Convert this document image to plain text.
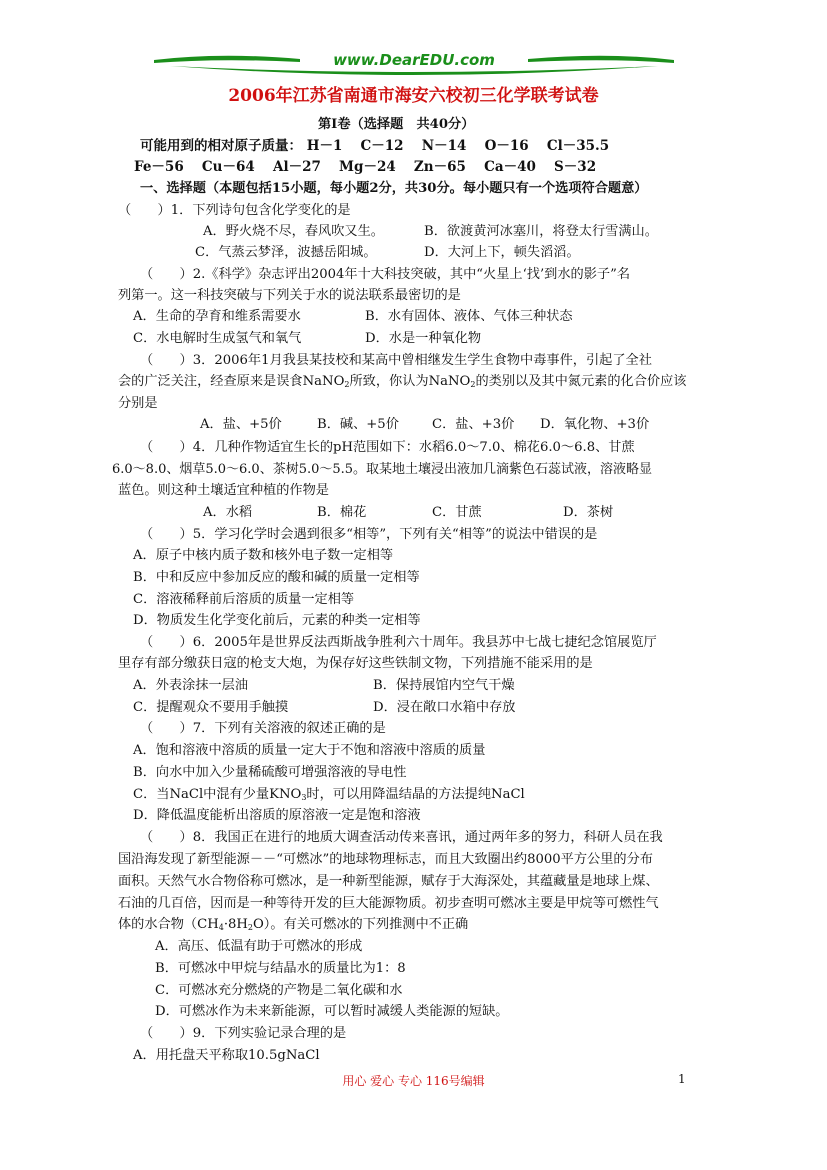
www.DearEDU.com
2006年江苏省南通市海安六校初三化学联考试卷
第Ⅰ卷（选择题　共40分）
可能用到的相对原子质量： H－1　 C－12　 N－14　 O－16　 Cl－35.5
Fe－56　 Cu－64　 Al－27　 Mg－24　 Zn－65　 Ca－40　 S－32
一、选择题（本题包括15小题，每小题2分，共30分。每小题只有一个选项符合题意）
（　　）1．下列诗句包含化学变化的是
A．野火烧不尽，春风吹又生。	B．欲渡黄河冰塞川，将登太行雪满山。
C．气蒸云梦泽，波撼岳阳城。	D．大河上下，顿失滔滔。
（　　）2.《科学》杂志评出2004年十大科技突破，其中“火星上‘找’到水的影子”名
列第一。这一科技突破与下列关于水的说法联系最密切的是
A．生命的孕育和维系需要水	B．水有固体、液体、气体三种状态
C．水电解时生成氢气和氧气	D．水是一种氧化物
（　　）3．2006年1月我县某技校和某高中曾相继发生学生食物中毒事件，引起了全社
会的广泛关注，经查原来是误食NaNO$_2$所致，你认为NaNO$_2$的类别以及其中氮元素的化合价应该
分别是
A．盐、+5价	B．碱、+5价	C．盐、+3价 D．氧化物、+3价
（　　）4．几种作物适宜生长的pH范围如下：水稻6.0～7.0、棉花6.0～6.8、甘蔗
6.0～8.0、烟草5.0～6.0、茶树5.0～5.5。取某地土壤浸出液加几滴紫色石蕊试液，溶液略显
蓝色。则这种土壤适宜种植的作物是
A．水稻	B．棉花	C．甘蔗	D．茶树
（　　）5．学习化学时会遇到很多“相等”，下列有关“相等”的说法中错误的是
A．原子中核内质子数和核外电子数一定相等
B．中和反应中参加反应的酸和碱的质量一定相等
C．溶液稀释前后溶质的质量一定相等
D．物质发生化学变化前后，元素的种类一定相等
（　　）6．2005年是世界反法西斯战争胜利六十周年。我县苏中七战七捷纪念馆展览厅
里存有部分缴获日寇的枪支大炮，为保存好这些铁制文物，下列措施不能采用的是
A．外表涂抹一层油	B．保持展馆内空气干燥
C．提醒观众不要用手触摸	D．浸在敞口水箱中存放
（　　）7．下列有关溶液的叙述正确的是
A．饱和溶液中溶质的质量一定大于不饱和溶液中溶质的质量
B．向水中加入少量稀硫酸可增强溶液的导电性
C．当NaCl中混有少量$KNO_3$时，可以用降温结晶的方法提纯NaCl
D．降低温度能析出溶质的原溶液一定是饱和溶液
（　　）8．我国正在进行的地质大调查活动传来喜讯，通过两年多的努力，科研人员在我
国沿海发现了新型能源－－“可燃冰”的地球物理标志，而且大致圈出约8000平方公里的分布
面积。天然气水合物俗称可燃冰，是一种新型能源，赋存于大海深处，其蕴藏量是地球上煤、
石油的几百倍，因而是一种等待开发的巨大能源物质。初步查明可燃冰主要是甲烷等可燃性气
体的水合物$(CH_4\cdot 8H_2O)$。有关可燃冰的下列推测中不正确
A．高压、低温有助于可燃冰的形成
B．可燃冰中甲烷与结晶水的质量比为1：8
C．可燃冰充分燃烧的产物是二氧化碳和水
D．可燃冰作为未来新能源，可以暂时减缓人类能源的短缺。
（　　）9．下列实验记录合理的是
A．用托盘天平称取10.5gNaCl
用心 爱心 专心 116号编辑	1
